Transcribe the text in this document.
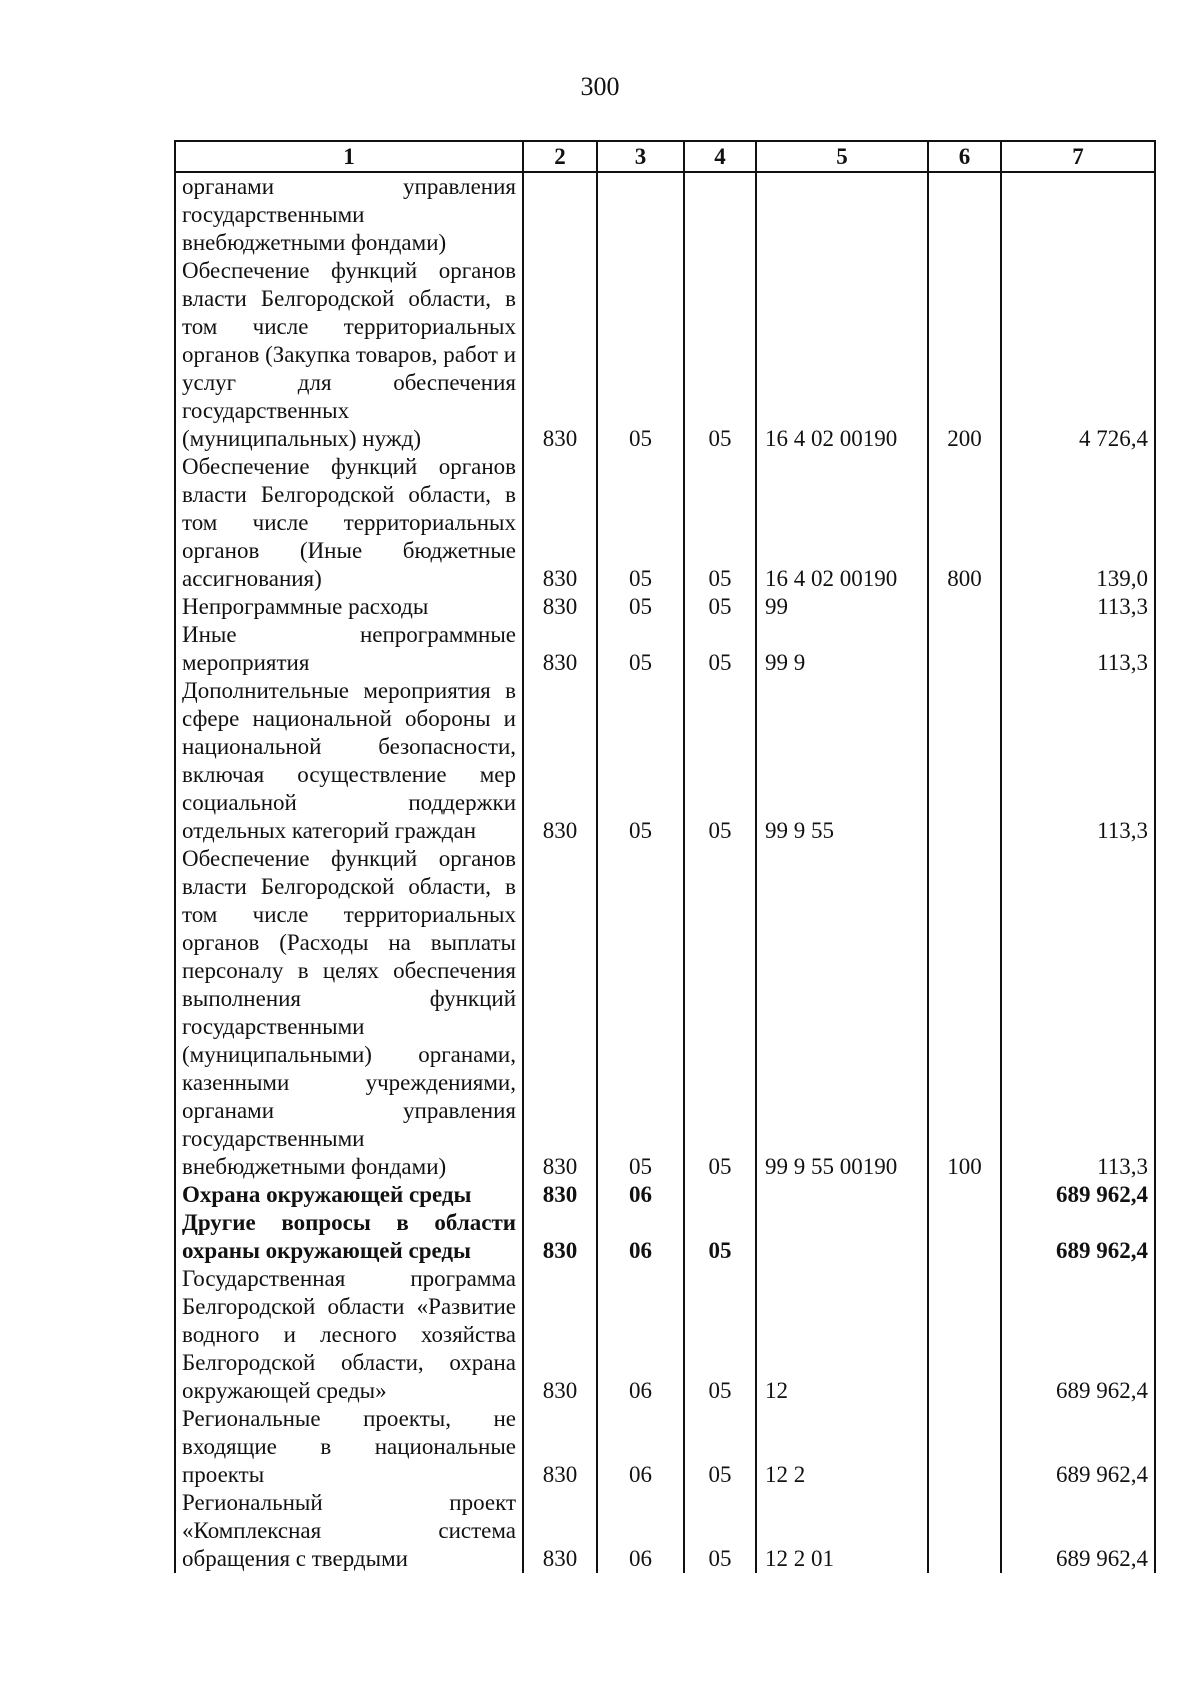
300
1	2	3	4	5	6	7

органами управления государственными внебюджетными фондами)						

Обеспечение функций органов власти Белгородской области, в том числе территориальных органов (Закупка товаров, работ и услуг для обеспечения государственных (муниципальных) нужд)	830	05	05	16 4 02 00190	200	4 726,4

Обеспечение функций органов власти Белгородской области, в том числе территориальных органов (Иные бюджетные ассигнования)	830	05	05	16 4 02 00190	800	139,0

Непрограммные расходы	830	05	05	99		113,3

Иные непрограммные мероприятия	830	05	05	99 9		113,3

Дополнительные мероприятия в сфере национальной обороны и национальной безопасности, включая осуществление мер социальной поддержки отдельных категорий граждан	830	05	05	99 9 55		113,3

Обеспечение функций органов власти Белгородской области, в том числе территориальных органов (Расходы на выплаты персоналу в целях обеспечения выполнения функций государственными (муниципальными) органами, казенными учреждениями, органами управления государственными внебюджетными фондами)	830	05	05	99 9 55 00190	100	113,3

Охрана окружающей среды	830	06				689 962,4

Другие вопросы в области охраны окружающей среды	830	06	05			689 962,4

Государственная программа Белгородской области «Развитие водного и лесного хозяйства Белгородской области, охрана окружающей среды»	830	06	05	12		689 962,4

Региональные проекты, не входящие в национальные проекты	830	06	05	12 2		689 962,4

Региональный проект «Комплексная система обращения с твердыми	830	06	05	12 2 01		689 962,4
